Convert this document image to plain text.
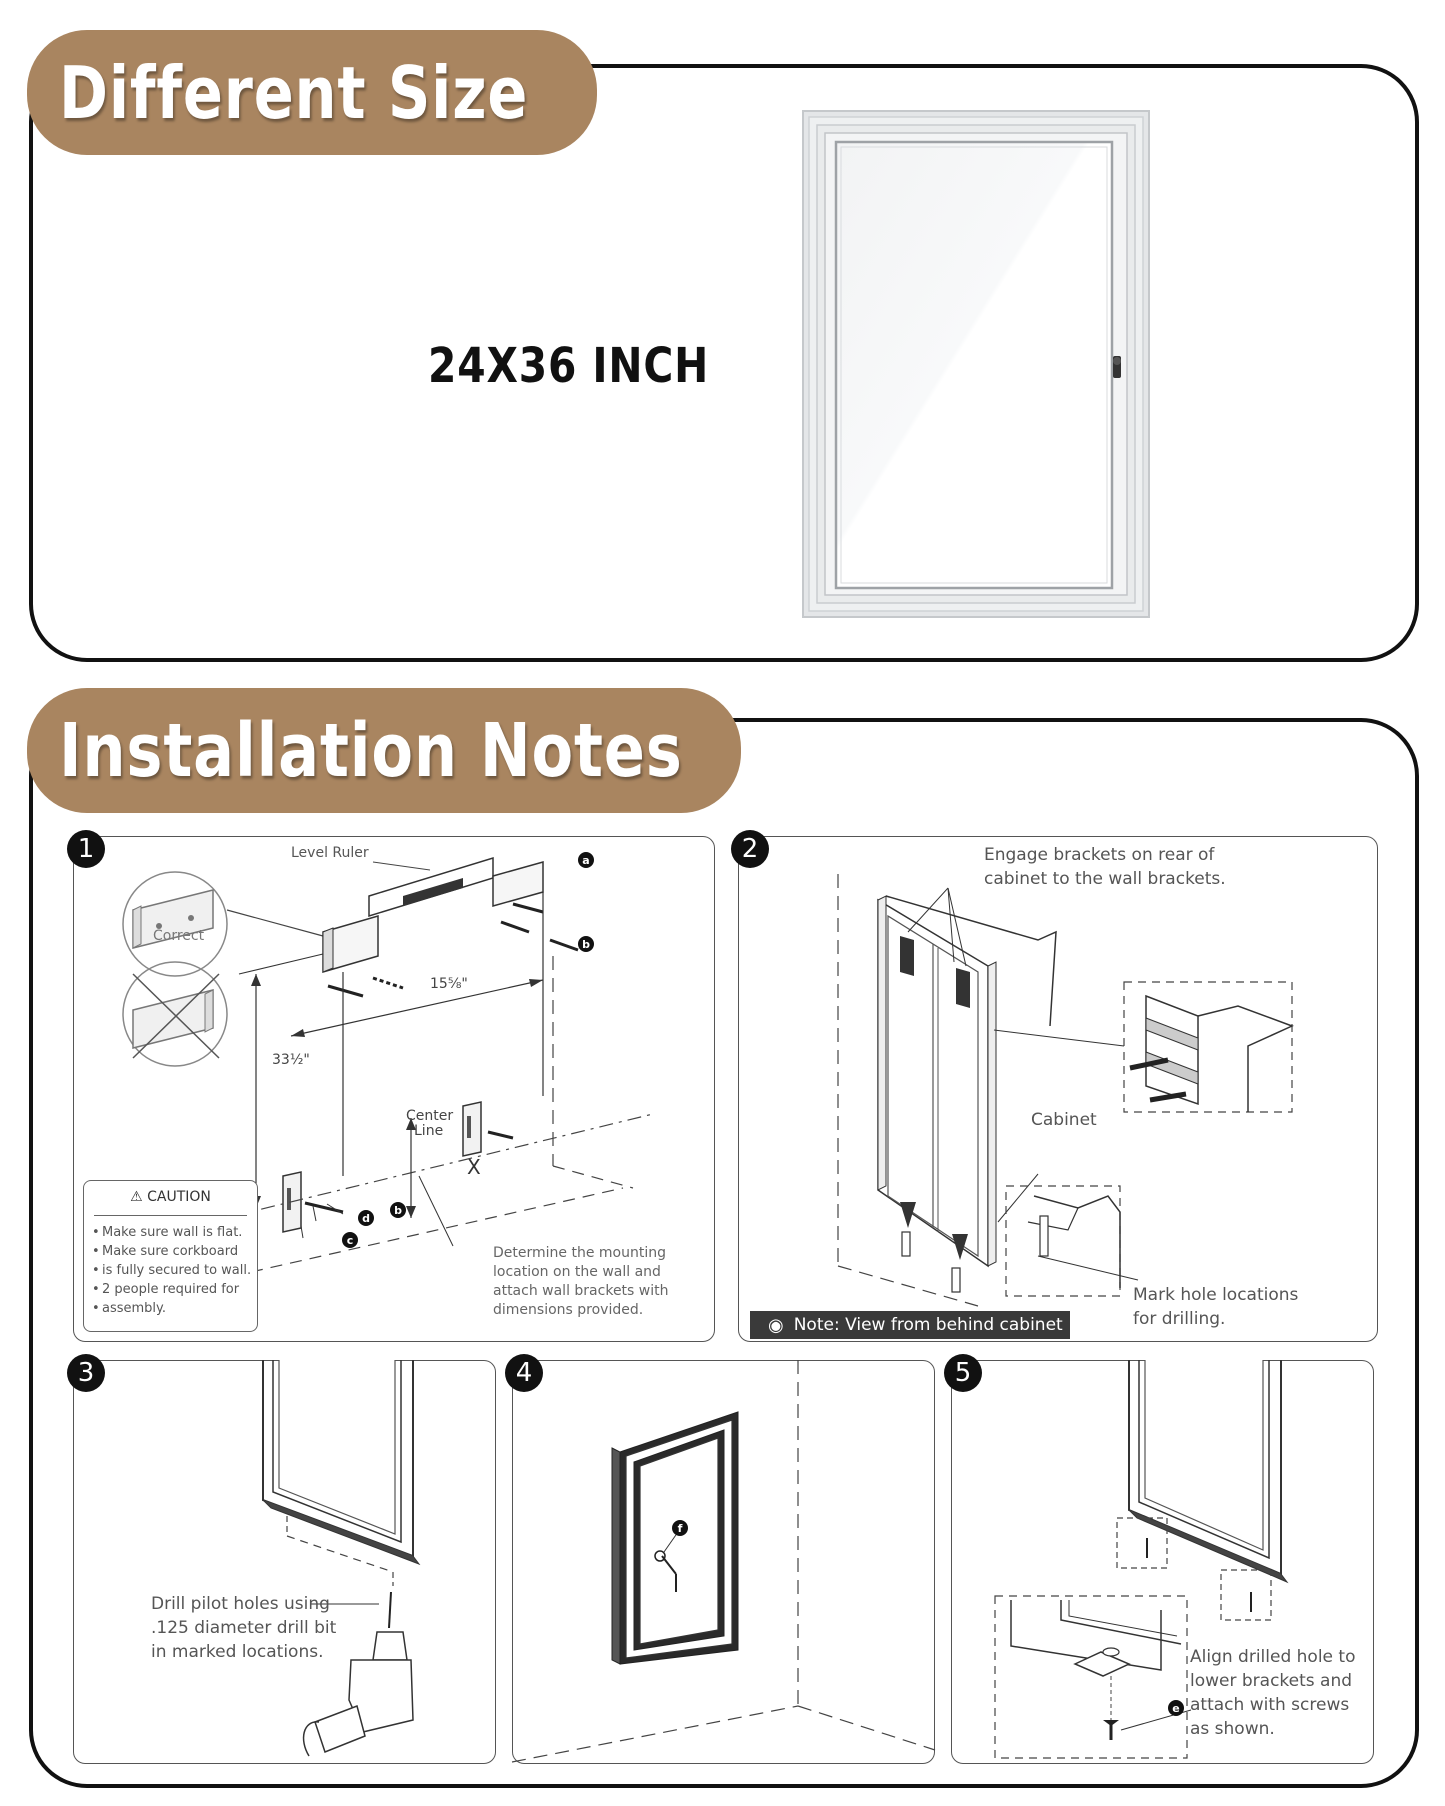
Different Size
24X36 INCH
Installation Notes
1	Level Ruler
Correct
15⅝"
33½"
Center
Line
X
a
b
b
c
d
⚠ CAUTION
• Make sure wall is flat.
• Make sure corkboard
• is fully secured to wall.
• 2 people required for
• assembly.
Determine the mounting
location on the wall and
attach wall brackets with
dimensions provided.
2	Engage brackets on rear of
cabinet to the wall brackets.
Cabinet
Mark hole locations
for drilling.
◉ Note: View from behind cabinet
3
Drill pilot holes using
.125 diameter drill bit
in marked locations.
4
f
5
e
Align drilled hole to
lower brackets and
attach with screws
as shown.
